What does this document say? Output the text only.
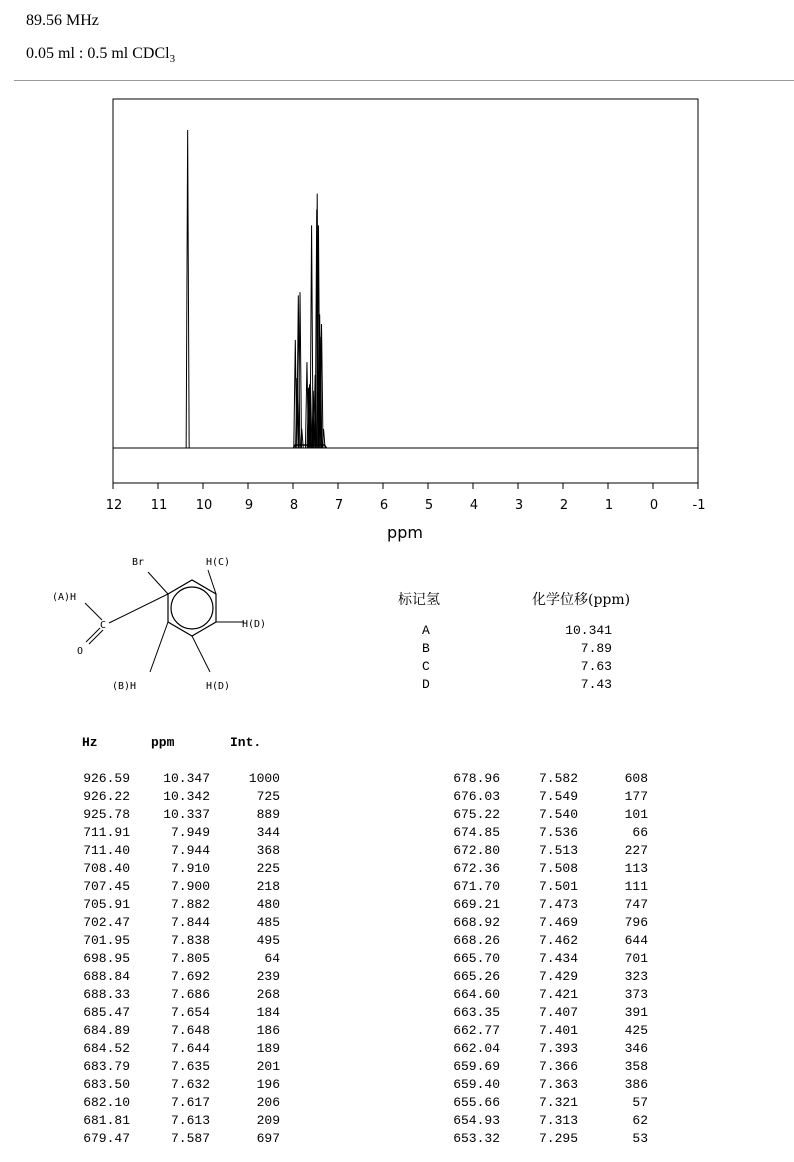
89.56 MHz
0.05 ml : 0.5 ml CDCl$_3$
12 11 10	9	8	7	6	5	4	3	2	1	0	-1
ppm
Br	H(C)
(A)H
C	H(D)
O
(B)H	H(D)
标记氢	化学位移(ppm)
A	10.341
B	7.89
C	7.63
D	7.43
Hz	ppm	Int.
926.59	10.347	1000
926.22	10.342	725
925.78	10.337	889
711.91	7.949	344
711.40	7.944	368
708.40	7.910	225
707.45	7.900	218
705.91	7.882	480
702.47	7.844	485
701.95	7.838	495
698.95	7.805	64
688.84	7.692	239
688.33	7.686	268
685.47	7.654	184
684.89	7.648	186
684.52	7.644	189
683.79	7.635	201
683.50	7.632	196
682.10	7.617	206
681.81	7.613	209
679.47	7.587	697
678.96	7.582	608
676.03	7.549	177
675.22	7.540	101
674.85	7.536	66
672.80	7.513	227
672.36	7.508	113
671.70	7.501	111
669.21	7.473	747
668.92	7.469	796
668.26	7.462	644
665.70	7.434	701
665.26	7.429	323
664.60	7.421	373
663.35	7.407	391
662.77	7.401	425
662.04	7.393	346
659.69	7.366	358
659.40	7.363	386
655.66	7.321	57
654.93	7.313	62
653.32	7.295	53
